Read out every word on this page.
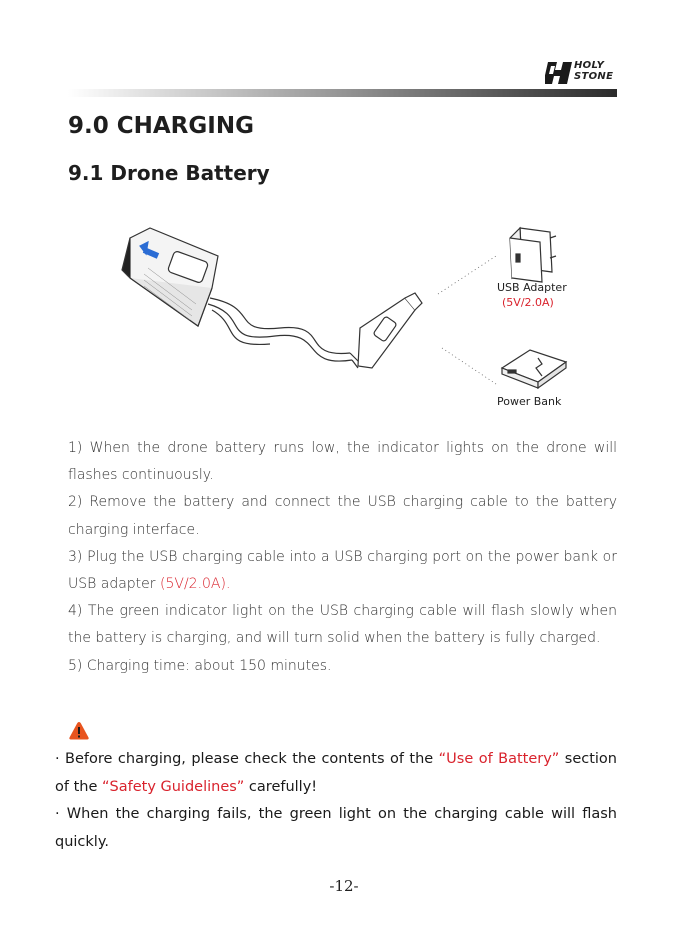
HOLY
STONE
9.0 CHARGING
9.1 Drone Battery
USB Adapter
(5V/2.0A)
Power Bank

1) When the drone battery runs low, the indicator lights on the drone will flashes continuously.

2) Remove the battery and connect the USB charging cable to the battery charging interface.

3) Plug the USB charging cable into a USB charging port on the power bank or USB adapter (5V/2.0A).

4) The green indicator light on the USB charging cable will flash slowly when the battery is charging, and will turn solid when the battery is fully charged.

5) Charging time: about 150 minutes.

· Before charging, please check the contents of the “Use of Battery” section of the “Safety Guidelines” carefully!

· When the charging fails, the green light on the charging cable will flash quickly.

-12-
